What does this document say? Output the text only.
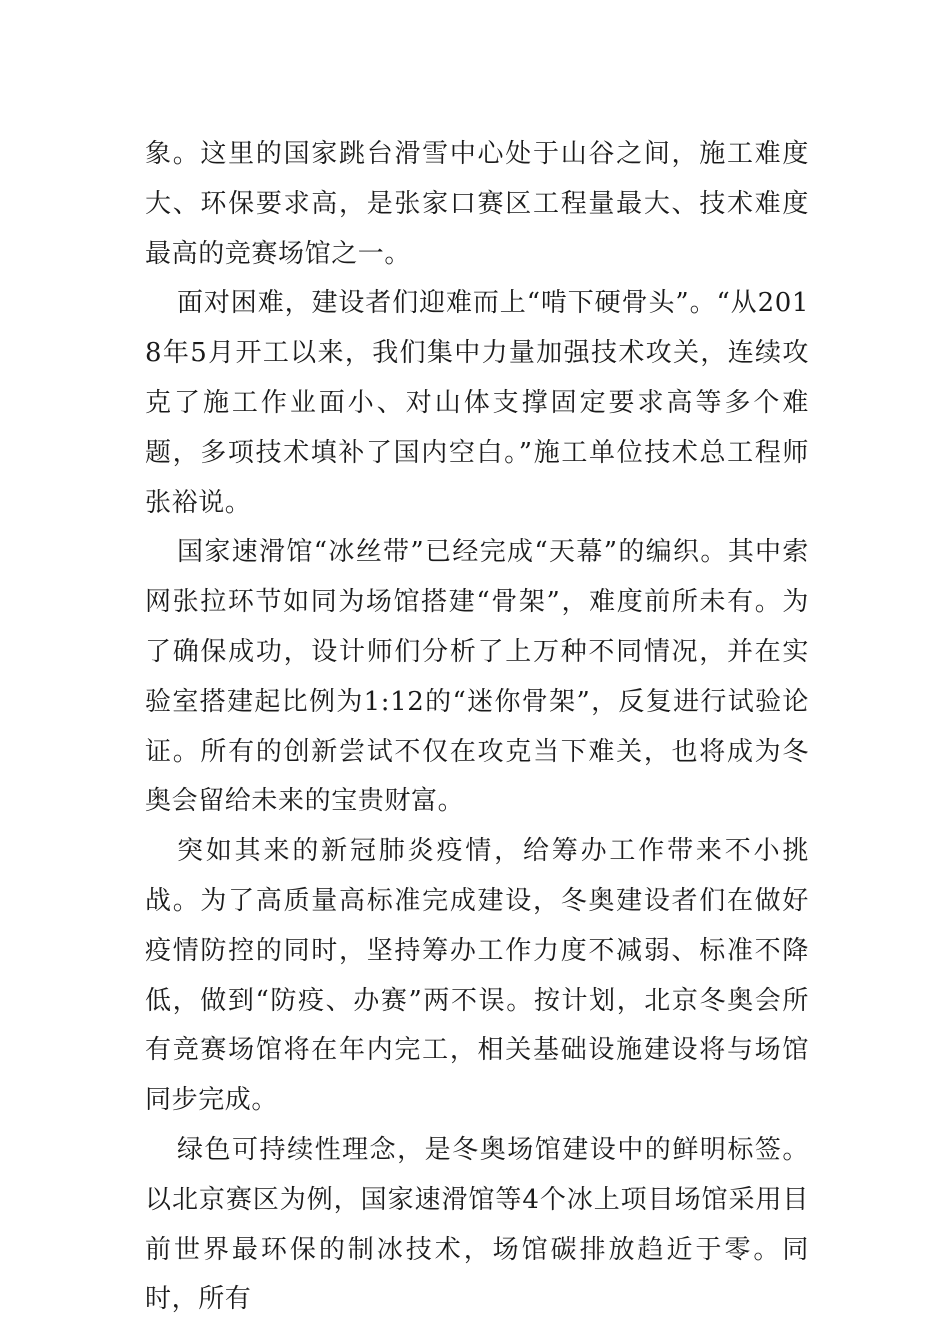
象。这里的国家跳台滑雪中心处于山谷之间，施工难度大、环保要求高，是张家口赛区工程量最大、技术难度最高的竞赛场馆之一。

面对困难，建设者们迎难而上“啃下硬骨头”。“从2018年5月开工以来，我们集中力量加强技术攻关，连续攻克了施工作业面小、对山体支撑固定要求高等多个难题，多项技术填补了国内空白。”施工单位技术总工程师张裕说。

国家速滑馆“冰丝带”已经完成“天幕”的编织。其中索网张拉环节如同为场馆搭建“骨架”，难度前所未有。为了确保成功，设计师们分析了上万种不同情况，并在实验室搭建起比例为1:12的“迷你骨架”，反复进行试验论证。所有的创新尝试不仅在攻克当下难关，也将成为冬奥会留给未来的宝贵财富。

突如其来的新冠肺炎疫情，给筹办工作带来不小挑战。为了高质量高标准完成建设，冬奥建设者们在做好疫情防控的同时，坚持筹办工作力度不减弱、标准不降低，做到“防疫、办赛”两不误。按计划，北京冬奥会所有竞赛场馆将在年内完工，相关基础设施建设将与场馆同步完成。

绿色可持续性理念，是冬奥场馆建设中的鲜明标签。以北京赛区为例，国家速滑馆等4个冰上项目场馆采用目前世界最环保的制冰技术，场馆碳排放趋近于零。同时，所有
